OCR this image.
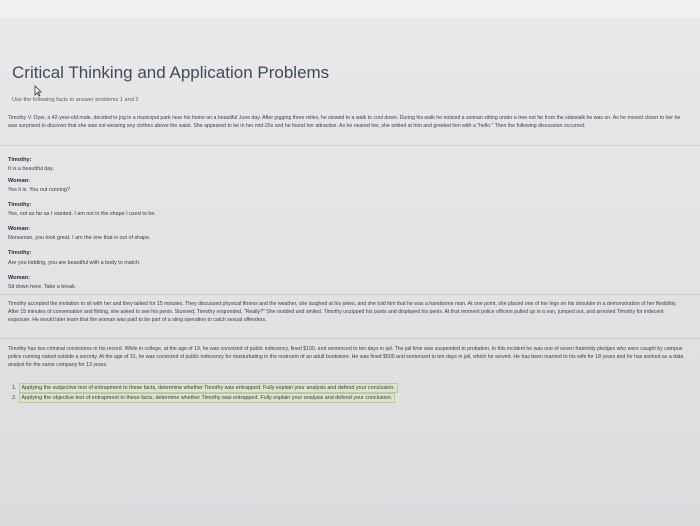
Critical Thinking and Application Problems
Use the following facts to answer problems 1 and 2
Timothy V. Oyer, a 42-year-old male, decided to jog in a municipal park near his home on a beautiful June day. After jogging three miles, he slowed to a walk to cool down. During his walk he noticed a woman sitting under a tree not far from the sidewalk he was on. As he moved closer to her he was surprised to discover that she was not wearing any clothes above the waist. She appeared to be in her mid-20s and he found her attractive. As he neared her, she smiled at him and greeted him with a "hello." Then the following discussion occurred:
Timothy:
It is a beautiful day.
Woman:
Yes it is. You out running?
Timothy:
Yes, not as far as I wanted. I am not in the shape I used to be.
Woman:
Nonsense, you look great. I am the one that is out of shape.
Timothy:
Are you kidding, you are beautiful with a body to match.
Woman:
Sit down here. Take a break.
Timothy accepted the invitation to sit with her and they talked for 15 minutes. They discussed physical fitness and the weather, she laughed at his jokes, and she told him that he was a handsome man. At one point, she placed one of her legs on his shoulder in a demonstration of her flexibility. After 15 minutes of conversation and flirting, she asked to see his penis. Stunned, Timothy responded, "Really?" She nodded and smiled. Timothy unzipped his pants and displayed his penis. At that moment police officers pulled up in a van, jumped out, and arrested Timothy for indecent exposure. He would later learn that the woman was paid to be part of a sting operation to catch sexual offenders.
Timothy has two criminal convictions in his record. While in college, at the age of 19, he was convicted of public indecency, fined $100, and sentenced to ten days in jail. The jail time was suspended to probation. In this incident he was one of seven fraternity pledges who were caught by campus police running naked outside a sorority. At the age of 31, he was convicted of public indecency for masturbating in the restroom of an adult bookstore. He was fined $500 and sentenced to ten days in jail, which he served. He has been married to his wife for 18 years and he has worked as a data analyst for the same company for 13 years.
1. Applying the subjective test of entrapment to these facts, determine whether Timothy was entrapped. Fully explain your analysis and defend your conclusion.
2. Applying the objective test of entrapment to these facts, determine whether Timothy was entrapped. Fully explain your analysis and defend your conclusion.
